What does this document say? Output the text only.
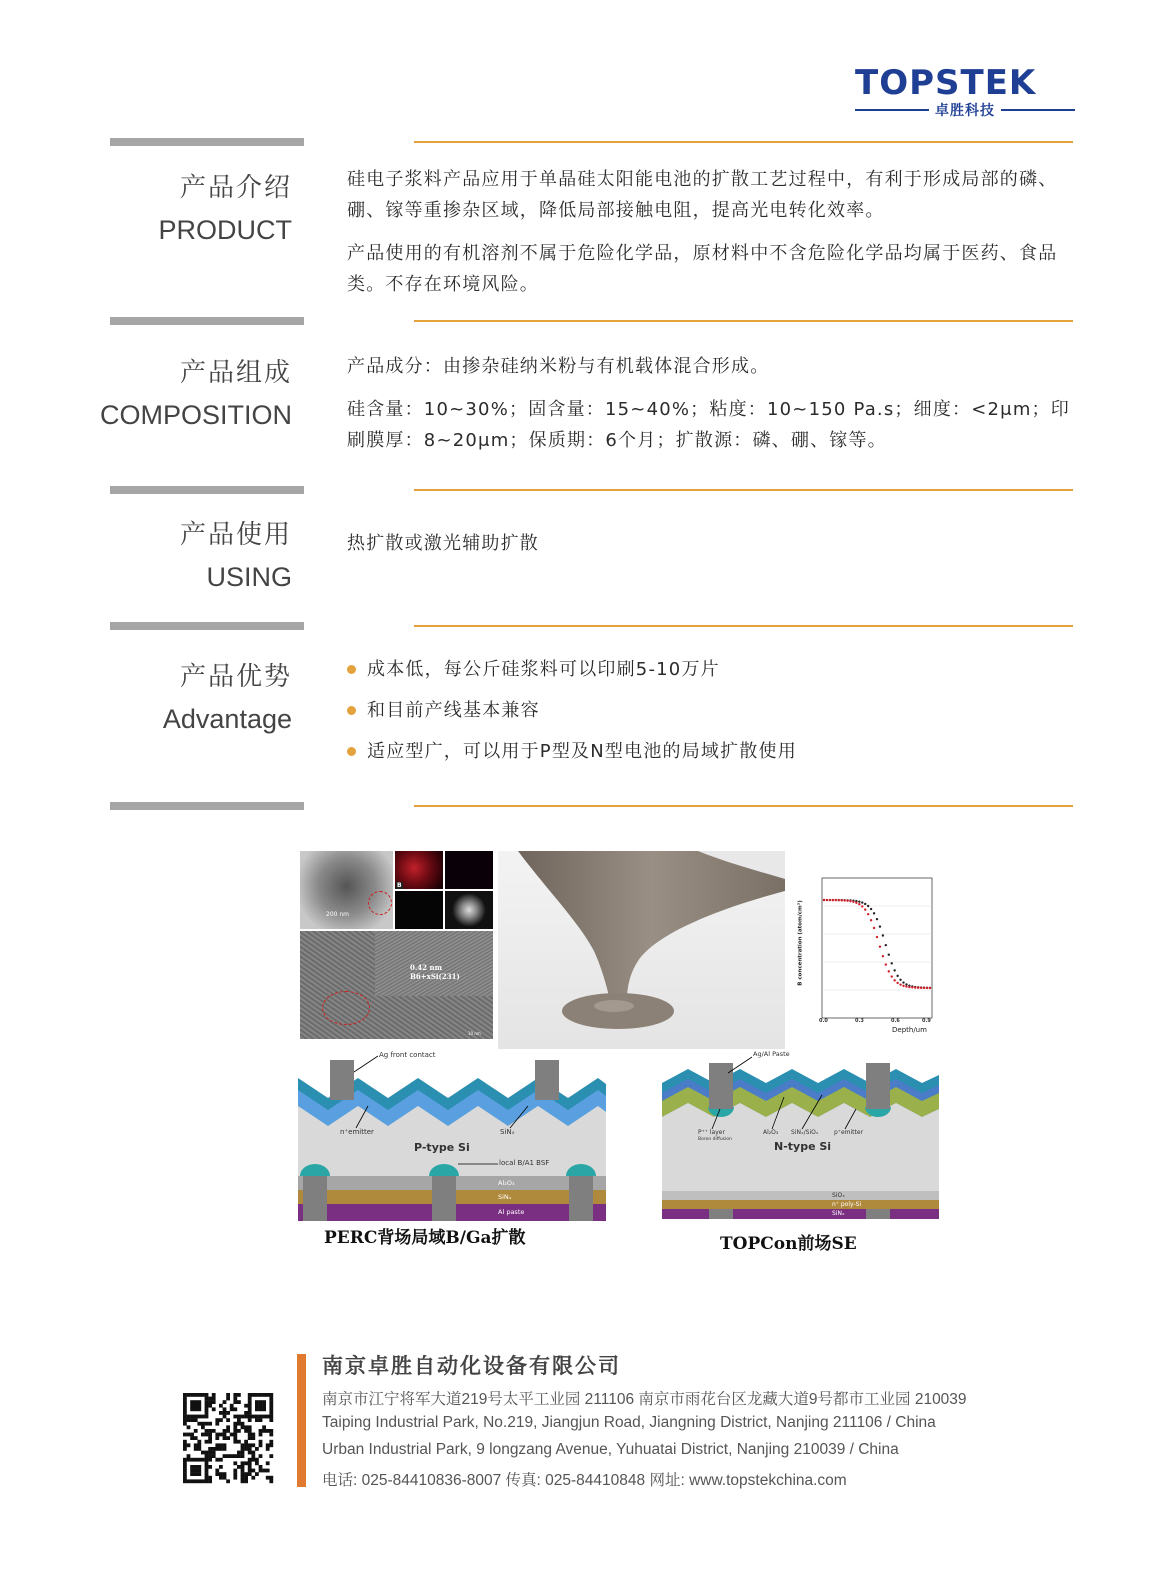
TOPSTEK
卓胜科技
产品介绍
PRODUCT

硅电子浆料产品应用于单晶硅太阳能电池的扩散工艺过程中，有利于形成局部的磷、硼、镓等重掺杂区域，降低局部接触电阻，提高光电转化效率。

产品使用的有机溶剂不属于危险化学品，原材料中不含危险化学品均属于医药、食品类。不存在环境风险。

产品组成
COMPOSITION

产品成分：由掺杂硅纳米粉与有机载体混合形成。

硅含量：10~30%；固含量：15~40%；粘度：10~150 Pa.s；细度：<2μm；印刷膜厚：8~20μm；保质期：6个月；扩散源：磷、硼、镓等。

产品使用
USING

热扩散或激光辅助扩散

产品优势
Advantage
成本低，每公斤硅浆料可以印刷5-10万片
和目前产线基本兼容
适应型广，可以用于P型及N型电池的局域扩散使用
200 nm
B
0.42 nm B6+xSi(231)
10 nm
B concentration (atom/cm³)
Depth/um
0.0	0.3	0.6	0.9
Ag front contact
n⁺emitter	SiNₓ
P-type Si
local B/A1 BSF
Al₂O₃
SiNₓ
Al paste
PERC背场局域B/Ga扩散
Ag/Al Paste
P⁺⁺ layer
Boron diffusion
Al₂O₃ SiNₓ/SiOₓ	p⁺emitter
N-type Si
SiOₓ
n⁺ poly-Si
SiNₓ
TOPCon前场SE
南京卓胜自动化设备有限公司
南京市江宁将军大道219号太平工业园 211106 南京市雨花台区龙藏大道9号都市工业园 210039
Taiping Industrial Park, No.219, Jiangjun Road, Jiangning District, Nanjing 211106 / China
Urban Industrial Park, 9 longzang Avenue, Yuhuatai District, Nanjing 210039 / China
电话: 025-84410836-8007 传真: 025-84410848 网址: www.topstekchina.com
